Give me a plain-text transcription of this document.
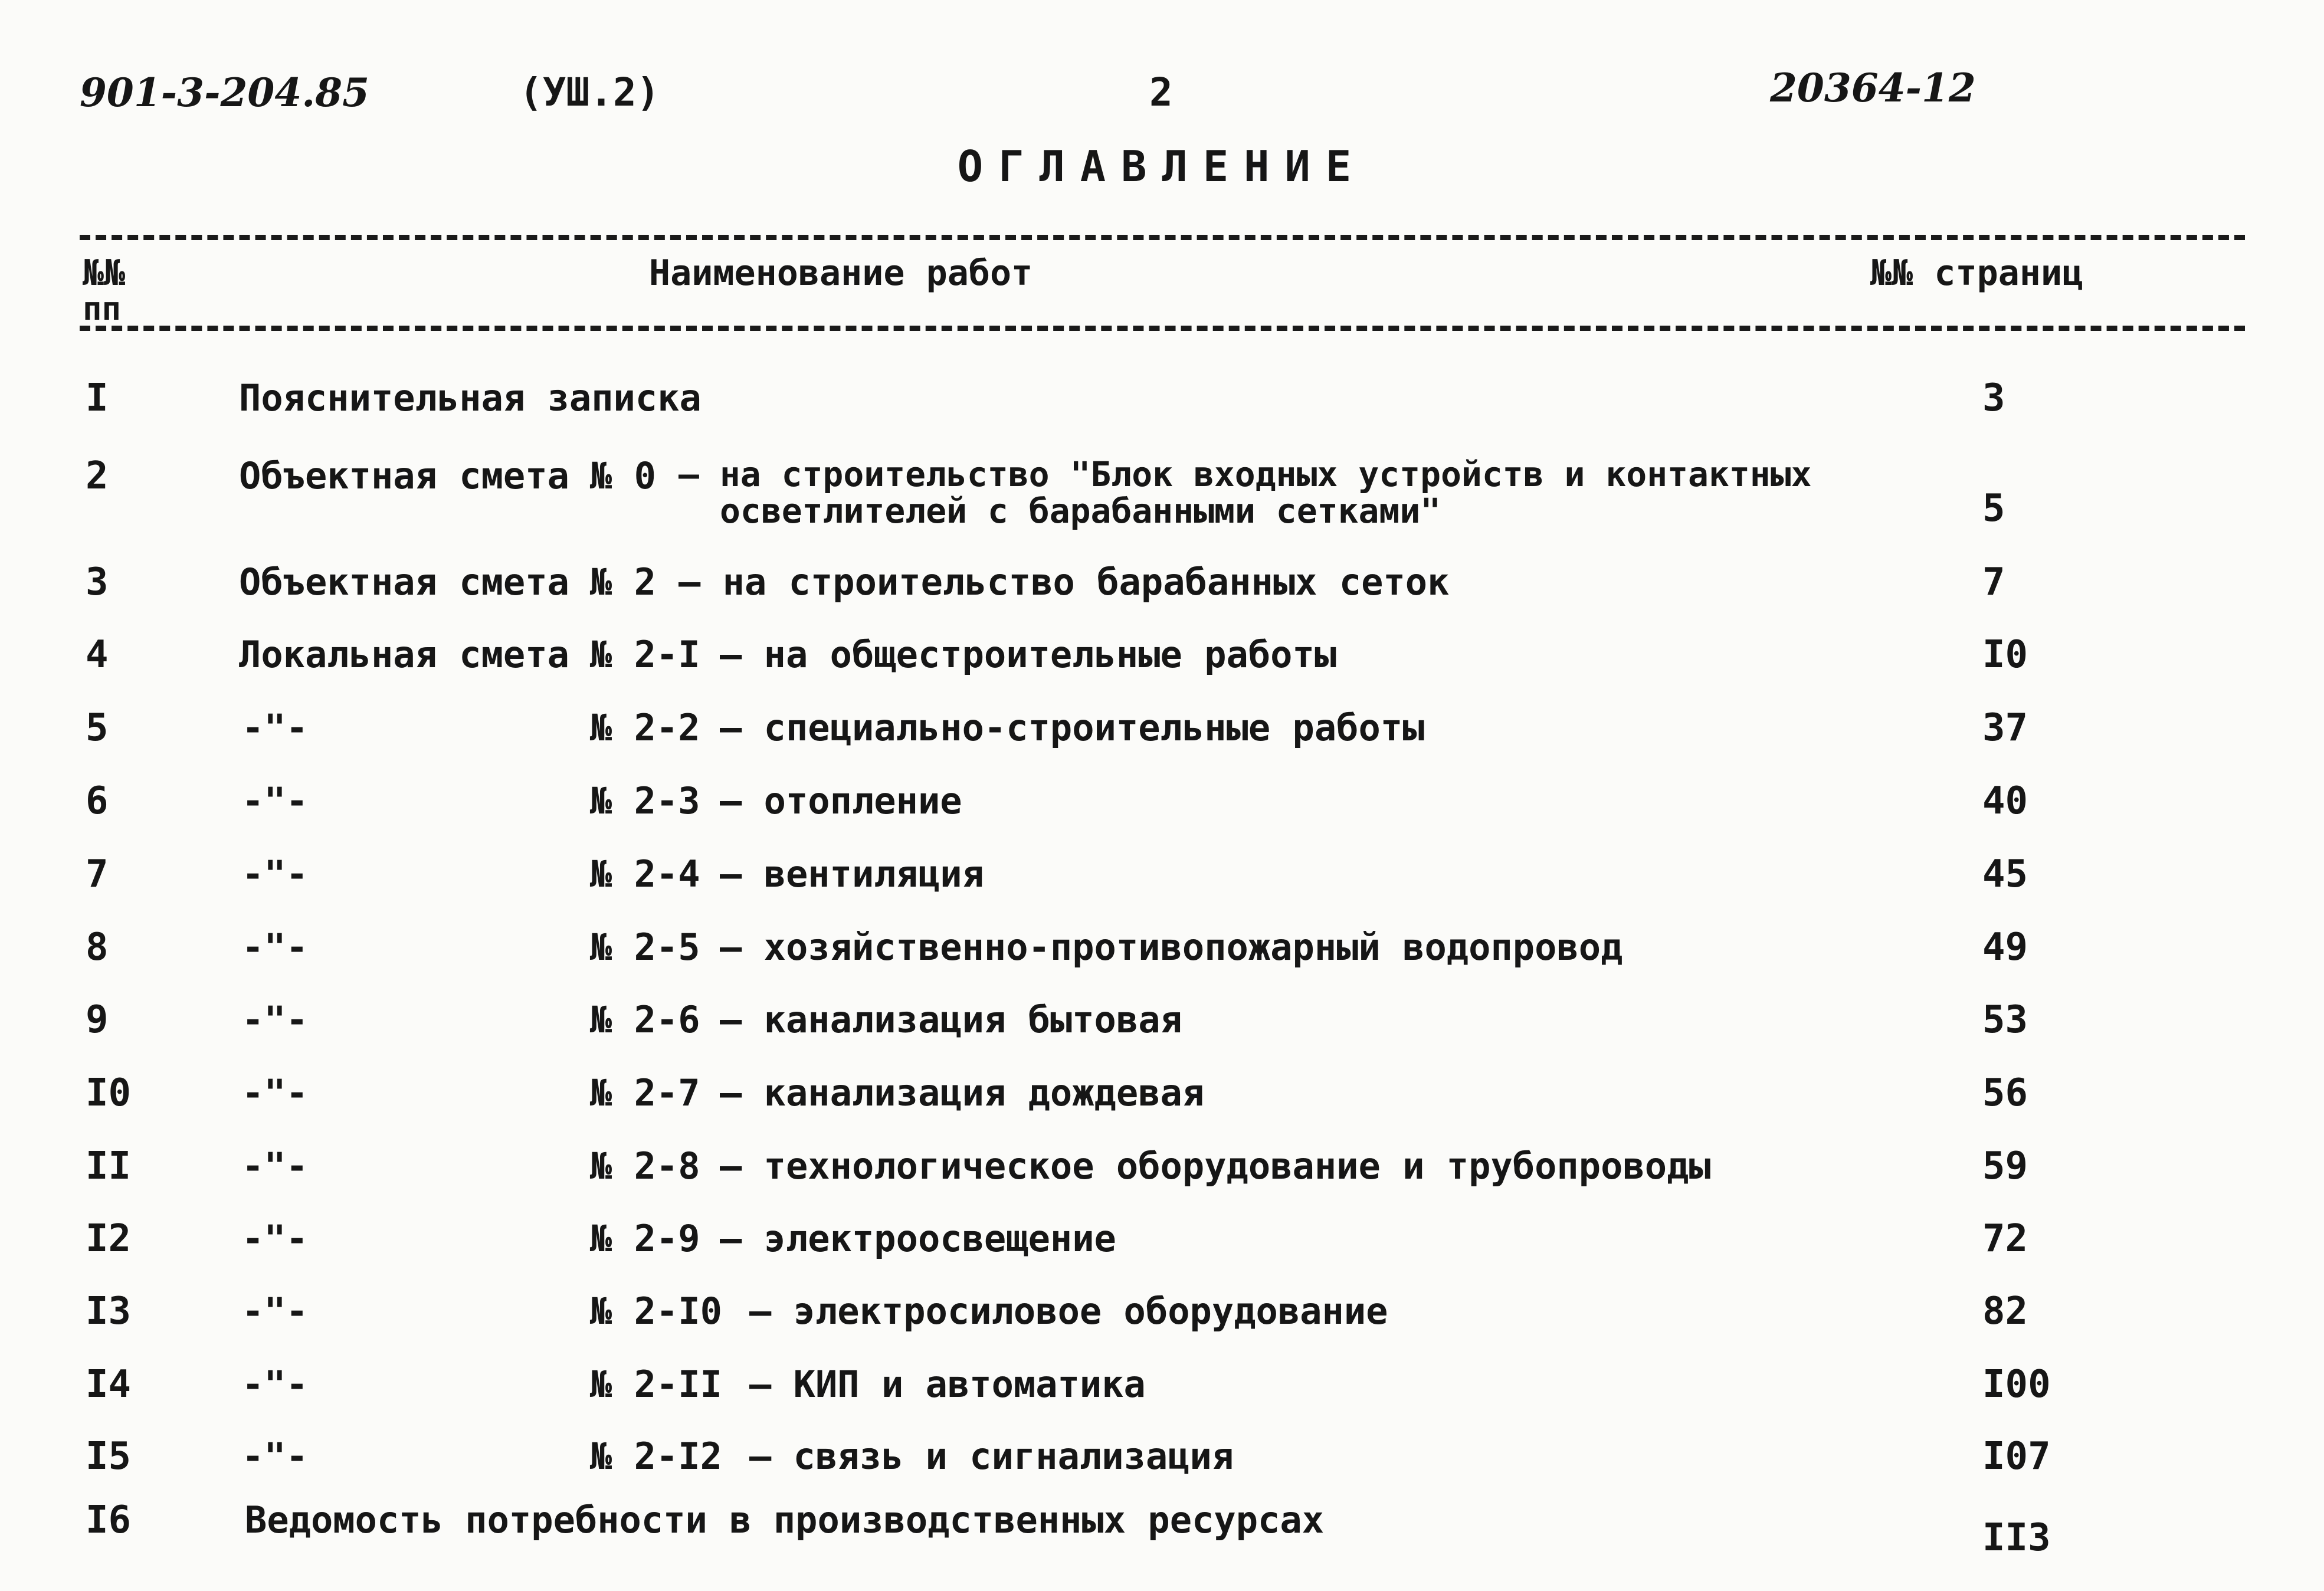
901-3-204.85	(УШ.2)	2	20364-12
ОГЛАВЛЕНИЕ
№№
пп
Наименование работ	№№ страниц
I	Пояснительная записка	3
2	Объектная смета № 0 – на строительство "Блок входных устройств и контактных
осветлителей с барабанными сетками"	5
3	Объектная смета № 2 – на строительство барабанных сеток	7
4	Локальная смета № 2-I – на общестроительные работы	I0
5	-"-	№ 2-2 – специально-строительные работы	37
6	-"-	№ 2-3 – отопление	40
7	-"-	№ 2-4 – вентиляция	45
8	-"-	№ 2-5 – хозяйственно-противопожарный водопровод	49
9	-"-	№ 2-6 – канализация бытовая	53
I0	-"-	№ 2-7 – канализация дождевая	56
II	-"-	№ 2-8 – технологическое оборудование и трубопроводы	59
I2	-"-	№ 2-9 – электроосвещение	72
I3	-"-	№ 2-I0 – электросиловое оборудование	82
I4	-"-	№ 2-II – КИП и автоматика	I00
I5	-"-	№ 2-I2 – связь и сигнализация	I07
I6	Ведомость потребности в производственных ресурсах	II3
